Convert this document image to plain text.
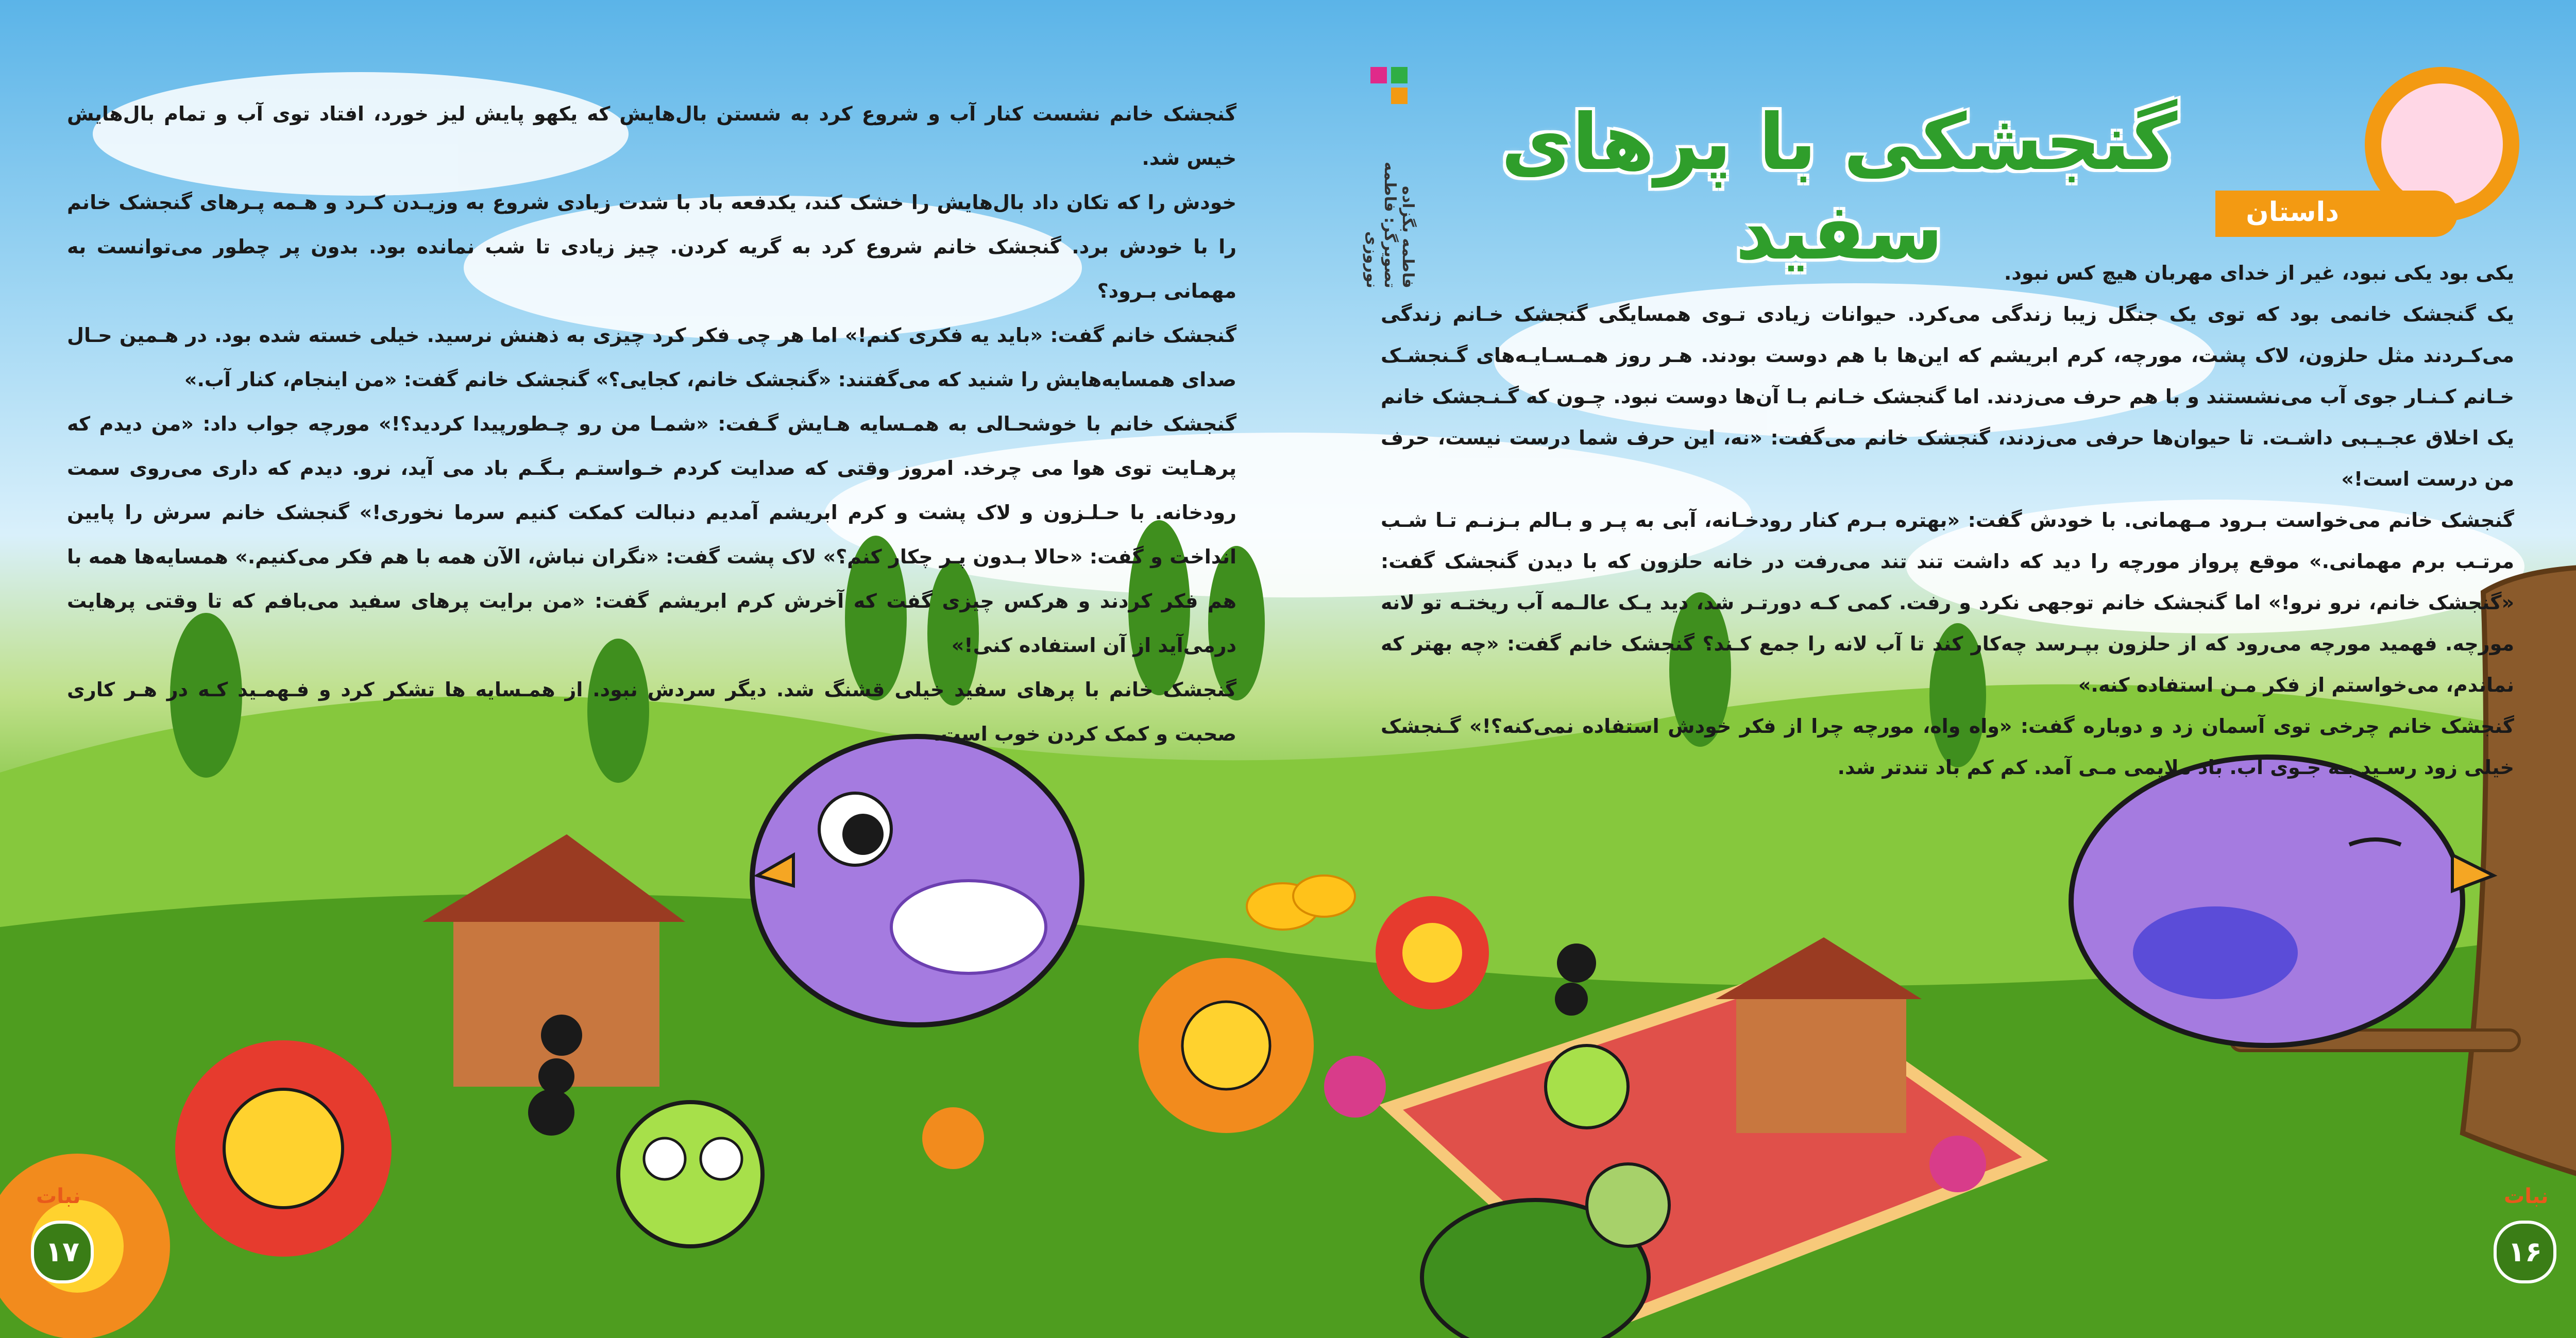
گنجشکی با پرهای سفید	داستان
فاطمه بگزاده
تصویرگر: فاطمه نوروزی

گنجشک خانم نشست کنار آب و شروع کرد به شستن بال‌هایش که یکهو پایش لیز خورد، افتاد توی آب و تمام بال‌هایش خیس شد.

خودش را که تکان داد بال‌هایش را خشک کند، یکدفعه باد با شدت زیادی شروع به وزیـدن کـرد و هـمه پـرهای گنجشک خانم را با خودش برد. گنجشک خانم شروع کرد به گریه کردن. چیز زیادی تا شب نمانده بود. بدون پر چطور می‌توانست به مهمانی بـرود؟

گنجشک خانم گفت: «باید یه فکری کنم!» اما هر چی فکر کرد چیزی به ذهنش نرسید. خیلی خسته شده بود. در هـمین حـال صدای همسایه‌هایش را شنید که می‌گفتند: «گنجشک خانم، کجایی؟» گنجشک خانم گفت: «من اینجام، کنار آب.»

گنجشک خانم با خوشحـالی به همـسایه هـایش گـفت: «شمـا من رو چـطورپیدا کردید؟!» مورچه جواب داد: «من دیدم که پرهـایت توی هوا می چرخد. امروز وقتی که صدایت کردم خـواستـم بـگـم باد می آید، نرو. دیدم که داری می‌روی سمت رودخانه. با حـلـزون و لاک پشت و کرم ابریشم آمدیم دنبالت کمکت کنیم سرما نخوری!» گنجشک خانم سرش را پایین انداخت و گفت: «حالا بـدون پـر چکار کنم؟» لاک پشت گفت: «نگران نباش، الآن همه با هم فکر می‌کنیم.» همسایه‌ها همه با هم فکر کردند و هرکس چیزی گفت که آخرش کرم ابریشم گفت: «من برایت پرهای سفید می‌بافم که تا وقتی پرهایت درمی‌آید از آن استفاده کنی!»

گنجشک خانم با پرهای سفید خیلی قشنگ شد. دیگر سردش نبود. از همـسایه ها تشکر کرد و فـهمـید کـه در هـر کاری صحبت و کمک کردن خوب است.

یکی بود یکی نبود، غیر از خدای مهربان هیچ کس نبود.

یک گنجشک خانمی بود که توی یک جنگل زیبا زندگی می‌کرد. حیوانات زیادی تـوی همسایگی گنجشک خـانم زندگی می‌کـردند مثل حلزون، لاک پشت، مورچه، کرم ابریشم که این‌ها با هم دوست بودند. هـر روز همـسـایـه‌های گـنجشـک خـانم کـنـار جوی آب می‌نشستند و با هم حرف می‌زدند. اما گنجشک خـانم بـا آن‌ها دوست نبود. چـون که گـنـجشک خانم یک اخلاق عجـیـبی داشـت. تا حیوان‌ها حرفی می‌زدند، گنجشک خانم می‌گفت: «نه، این حرف شما درست نیست، حرف من درست است!»

گنجشک خانم می‌خواست بـرود مـهمانی. با خودش گفت: «بهتره بـرم کنار رودخـانه، آبی به پـر و بـالم بـزنـم تـا شـب مرتـب برم مهمانی.» موقع پرواز مورچه را دید که داشت تند تند می‌رفت در خانه حلزون که با دیدن گنجشک گفت: «گنجشک خانم، نرو نرو!» اما گنجشک خانم توجهی نکرد و رفت. کمی کـه دورتـر شد، دید یـک عالـمه آب ریختـه تو لانه مورچه. فهمید مورچه می‌رود که از حلزون بپـرسد چه‌کار کند تا آب لانه را جمع کـند؟ گنجشک خانم گفت: «چه بهتر که نماندم، می‌خواستم از فکر مـن استفاده کنه.»

گنجشک خانم چرخی توی آسمان زد و دوباره گفت: «واه واه، مورچه چرا از فکر خودش استفاده نمی‌کنه؟!» گـنجشک خیلی زود رسـید بـه جـوی آب. باد ملایمی مـی آمد. کم کم باد تندتر شد.

نبات
۱۷
نبات
۱۶
